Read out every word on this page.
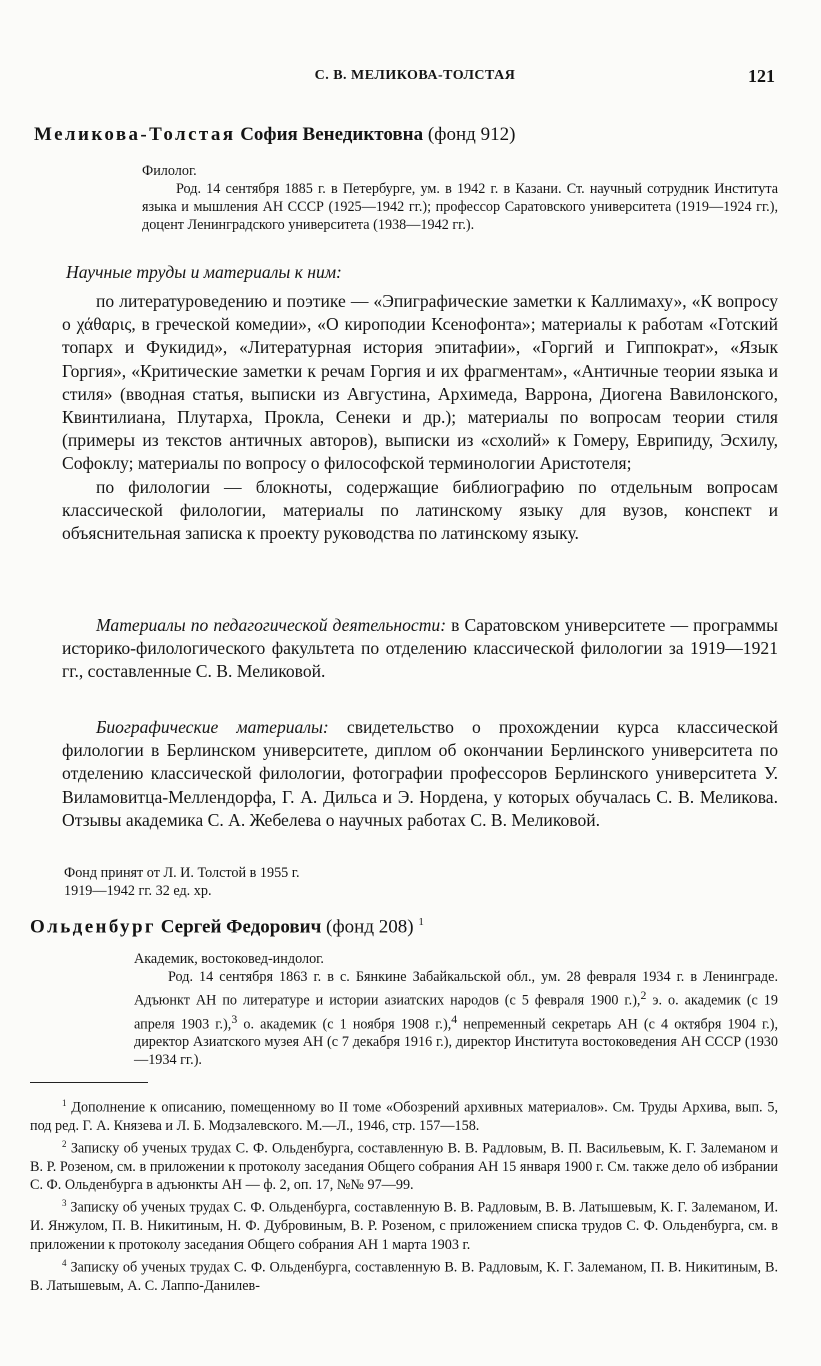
С. В. МЕЛИКОВА-ТОЛСТАЯ	121
Меликова-Толстая София Венедиктовна (фонд 912)

Филолог.

Род. 14 сентября 1885 г. в Петербурге, ум. в 1942 г. в Казани. Ст. научный сотрудник Института языка и мышления АН СССР (1925—1942 гг.); профессор Саратовского университета (1919—1924 гг.), доцент Ленинградского университета (1938—1942 гг.).

Научные труды и материалы к ним:

по литературоведению и поэтике — «Эпиграфические заметки к Каллимаху», «К вопросу о χάθαρις, в греческой комедии», «О кироподии Ксенофонта»; материалы к работам «Готский топарх и Фукидид», «Литературная история эпитафии», «Горгий и Гиппократ», «Язык Горгия», «Критические заметки к речам Горгия и их фрагментам», «Античные теории языка и стиля» (вводная статья, выписки из Августина, Архимеда, Варрона, Диогена Вавилонского, Квинтилиана, Плутарха, Прокла, Сенеки и др.); материалы по вопросам теории стиля (примеры из текстов античных авторов), выписки из «схолий» к Гомеру, Еврипиду, Эсхилу, Софоклу; материалы по вопросу о философской терминологии Аристотеля;

по филологии — блокноты, содержащие библиографию по отдельным вопросам классической филологии, материалы по латинскому языку для вузов, конспект и объяснительная записка к проекту руководства по латинскому языку.

Материалы по педагогической деятельности: в Саратовском университете — программы историко-филологического факультета по отделению классической филологии за 1919—1921 гг., составленные С. В. Меликовой.

Биографические материалы: свидетельство о прохождении курса классической филологии в Берлинском университете, диплом об окончании Берлинского университета по отделению классической филологии, фотографии профессоров Берлинского университета У. Виламовитца-Меллендорфа, Г. А. Дильса и Э. Нордена, у которых обучалась С. В. Меликова. Отзывы академика С. А. Жебелева о научных работах С. В. Меликовой.

Фонд принят от Л. И. Толстой в 1955 г.

1919—1942 гг. 32 ед. хр.

Ольденбург Сергей Федорович (фонд 208) $^1$

Академик, востоковед-индолог.

Род. 14 сентября 1863 г. в с. Бянкине Забайкальской обл., ум. 28 февраля 1934 г. в Ленинграде. Адъюнкт АН по литературе и истории азиатских народов (с 5 февраля 1900 г.),$^2$ э. о. академик (с 19 апреля 1903 г.),$^3$ о. академик (с 1 ноября 1908 г.),$^4$ непременный секретарь АН (с 4 октября 1904 г.), директор Азиатского музея АН (с 7 декабря 1916 г.), директор Института востоковедения АН СССР (1930—1934 гг.).

$^1$ Дополнение к описанию, помещенному во II томе «Обозрений архивных материалов». См. Труды Архива, вып. 5, под ред. Г. А. Князева и Л. Б. Модзалевского. М.—Л., 1946, стр. 157—158.

$^2$ Записку об ученых трудах С. Ф. Ольденбурга, составленную В. В. Радловым, В. П. Васильевым, К. Г. Залеманом и В. Р. Розеном, см. в приложении к протоколу заседания Общего собрания АН 15 января 1900 г. См. также дело об избрании С. Ф. Ольденбурга в адъюнкты АН — ф. 2, оп. 17, №№ 97—99.

$^3$ Записку об ученых трудах С. Ф. Ольденбурга, составленную В. В. Радловым, В. В. Латышевым, К. Г. Залеманом, И. И. Янжулом, П. В. Никитиным, Н. Ф. Дубровиным, В. Р. Розеном, с приложением списка трудов С. Ф. Ольденбурга, см. в приложении к протоколу заседания Общего собрания АН 1 марта 1903 г.

$^4$ Записку об ученых трудах С. Ф. Ольденбурга, составленную В. В. Радловым, К. Г. Залеманом, П. В. Никитиным, В. В. Латышевым, А. С. Лаппо-Данилев-
